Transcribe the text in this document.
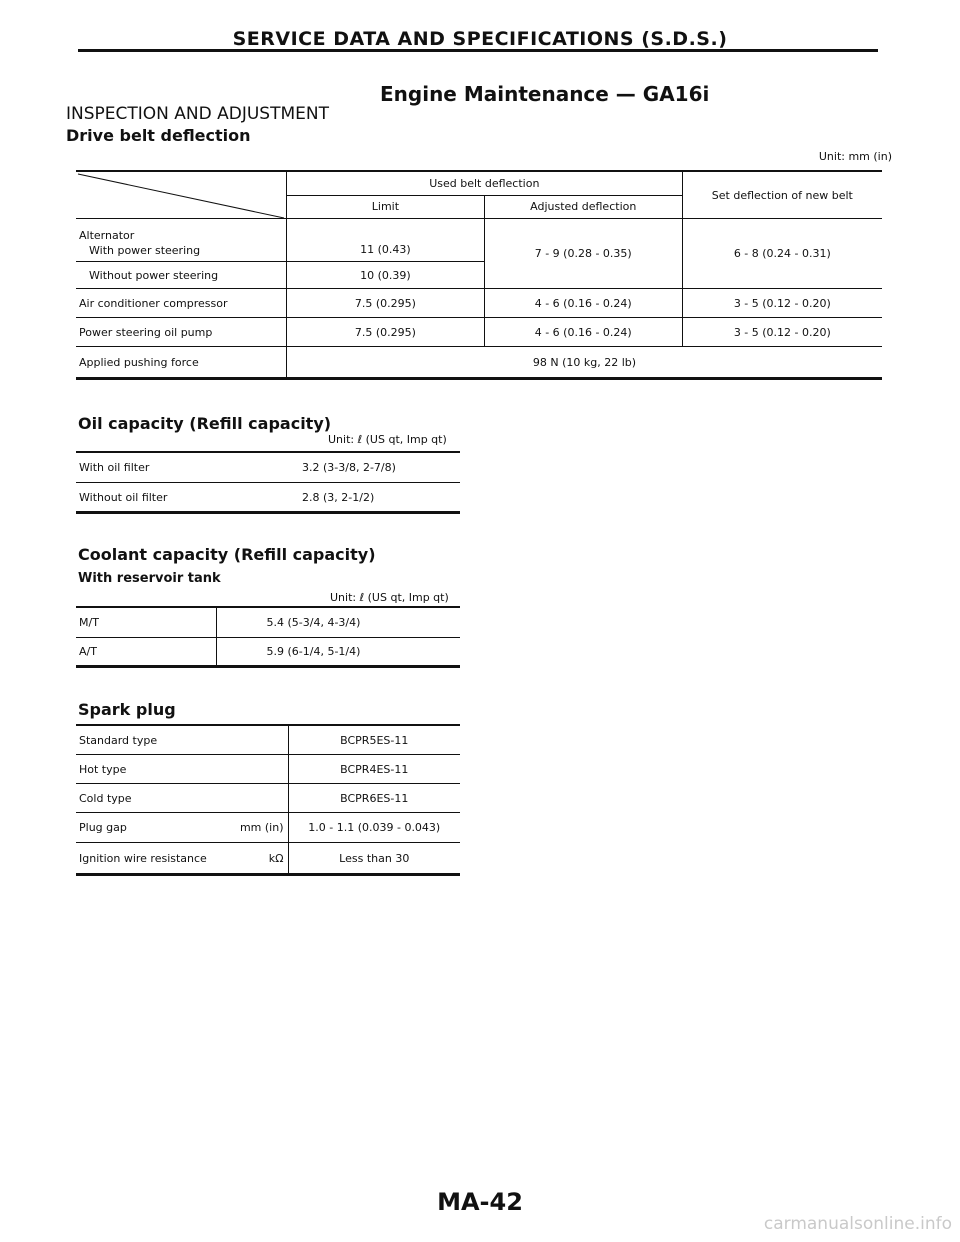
SERVICE DATA AND SPECIFICATIONS (S.D.S.)
Engine Maintenance — GA16i
INSPECTION AND ADJUSTMENT
Drive belt deflection
Unit: mm (in)
	Used belt deflection		Set deflection of new belt
	Limit	Adjusted deflection	

Alternator
With power steering	11 (0.43)	7 - 9 (0.28 - 0.35)	6 - 8 (0.24 - 0.31)
Without power steering	10 (0.39)		
Air conditioner compressor	7.5 (0.295)	4 - 6 (0.16 - 0.24)	3 - 5 (0.12 - 0.20)
Power steering oil pump	7.5 (0.295)	4 - 6 (0.16 - 0.24)	3 - 5 (0.12 - 0.20)
Applied pushing force	98 N (10 kg, 22 lb)		
Oil capacity (Refill capacity)
Unit: ℓ (US qt, Imp qt)
With oil filter	3.2 (3-3/8, 2-7/8)
Without oil filter	2.8 (3, 2-1/2)
Coolant capacity (Refill capacity)
With reservoir tank
Unit: ℓ (US qt, Imp qt)
M/T	5.4 (5-3/4, 4-3/4)
A/T	5.9 (6-1/4, 5-1/4)
Spark plug
Standard type	BCPR5ES-11
Hot type	BCPR4ES-11
Cold type	BCPR6ES-11
Plug gap mm (in)	1.0 - 1.1 (0.039 - 0.043)
Ignition wire resistance kΩ	Less than 30
MA-42
carmanualsonline.info
